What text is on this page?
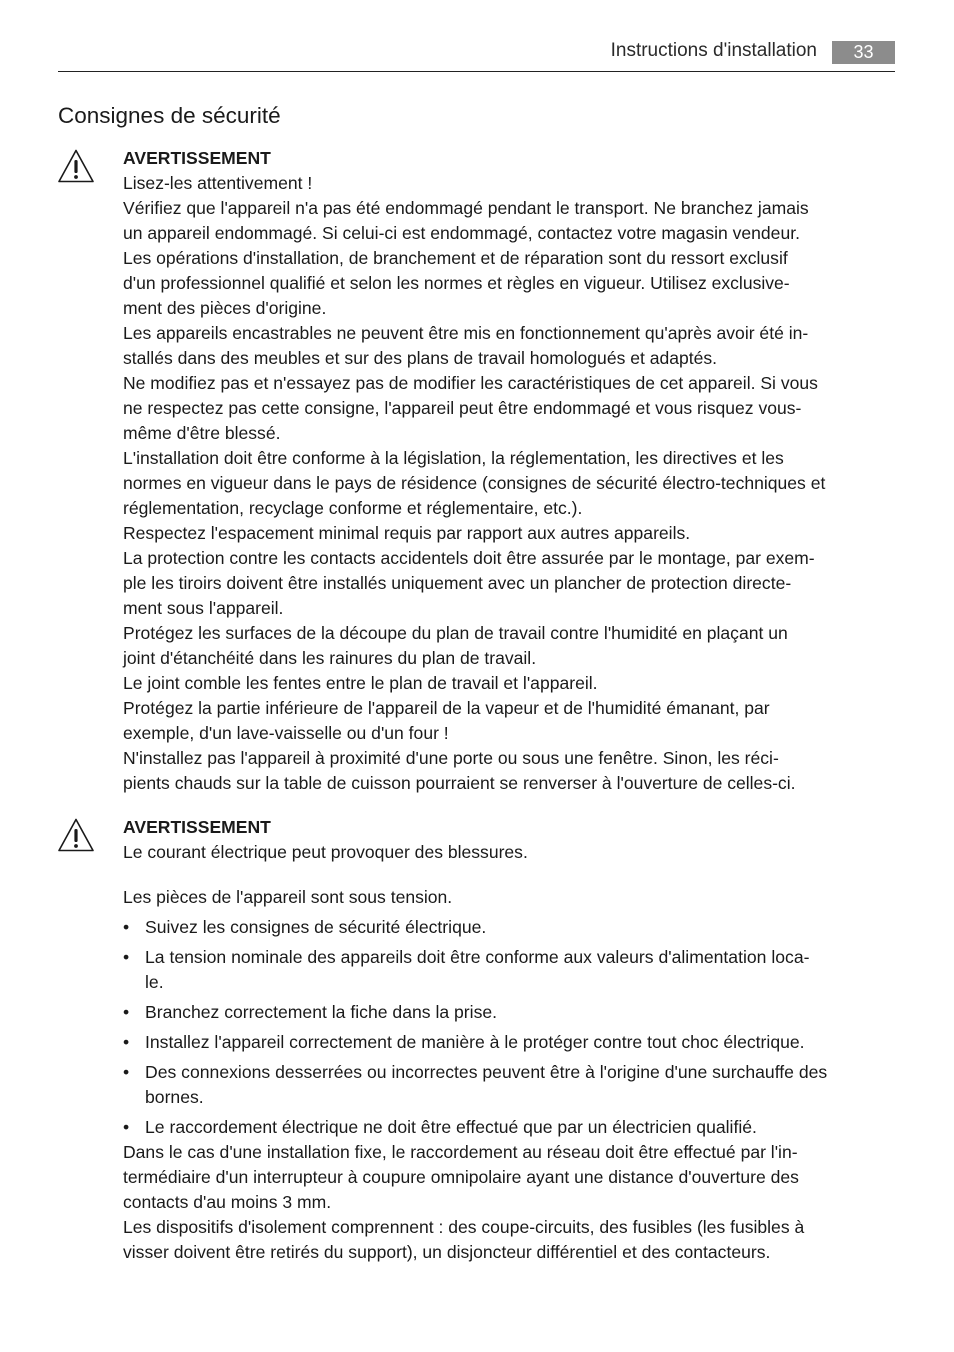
Instructions d'installation	33
Consignes de sécurité
AVERTISSEMENT
Lisez-les attentivement !
Vérifiez que l'appareil n'a pas été endommagé pendant le transport. Ne branchez jamais
un appareil endommagé. Si celui-ci est endommagé, contactez votre magasin vendeur.
Les opérations d'installation, de branchement et de réparation sont du ressort exclusif
d'un professionnel qualifié et selon les normes et règles en vigueur. Utilisez exclusive-
ment des pièces d'origine.
Les appareils encastrables ne peuvent être mis en fonctionnement qu'après avoir été in-
stallés dans des meubles et sur des plans de travail homologués et adaptés.
Ne modifiez pas et n'essayez pas de modifier les caractéristiques de cet appareil. Si vous
ne respectez pas cette consigne, l'appareil peut être endommagé et vous risquez vous-
même d'être blessé.
L'installation doit être conforme à la législation, la réglementation, les directives et les
normes en vigueur dans le pays de résidence (consignes de sécurité électro-techniques et
réglementation, recyclage conforme et réglementaire, etc.).
Respectez l'espacement minimal requis par rapport aux autres appareils.
La protection contre les contacts accidentels doit être assurée par le montage, par exem-
ple les tiroirs doivent être installés uniquement avec un plancher de protection directe-
ment sous l'appareil.
Protégez les surfaces de la découpe du plan de travail contre l'humidité en plaçant un
joint d'étanchéité dans les rainures du plan de travail.
Le joint comble les fentes entre le plan de travail et l'appareil.
Protégez la partie inférieure de l'appareil de la vapeur et de l'humidité émanant, par
exemple, d'un lave-vaisselle ou d'un four !
N'installez pas l'appareil à proximité d'une porte ou sous une fenêtre. Sinon, les réci-
pients chauds sur la table de cuisson pourraient se renverser à l'ouverture de celles-ci.
AVERTISSEMENT
Le courant électrique peut provoquer des blessures.
Les pièces de l'appareil sont sous tension.
• Suivez les consignes de sécurité électrique.
• La tension nominale des appareils doit être conforme aux valeurs d'alimentation loca-
le.
• Branchez correctement la fiche dans la prise.
• Installez l'appareil correctement de manière à le protéger contre tout choc électrique.
• Des connexions desserrées ou incorrectes peuvent être à l'origine d'une surchauffe des
bornes.
• Le raccordement électrique ne doit être effectué que par un électricien qualifié.
Dans le cas d'une installation fixe, le raccordement au réseau doit être effectué par l'in-
termédiaire d'un interrupteur à coupure omnipolaire ayant une distance d'ouverture des
contacts d'au moins 3 mm.
Les dispositifs d'isolement comprennent : des coupe-circuits, des fusibles (les fusibles à
visser doivent être retirés du support), un disjoncteur différentiel et des contacteurs.
